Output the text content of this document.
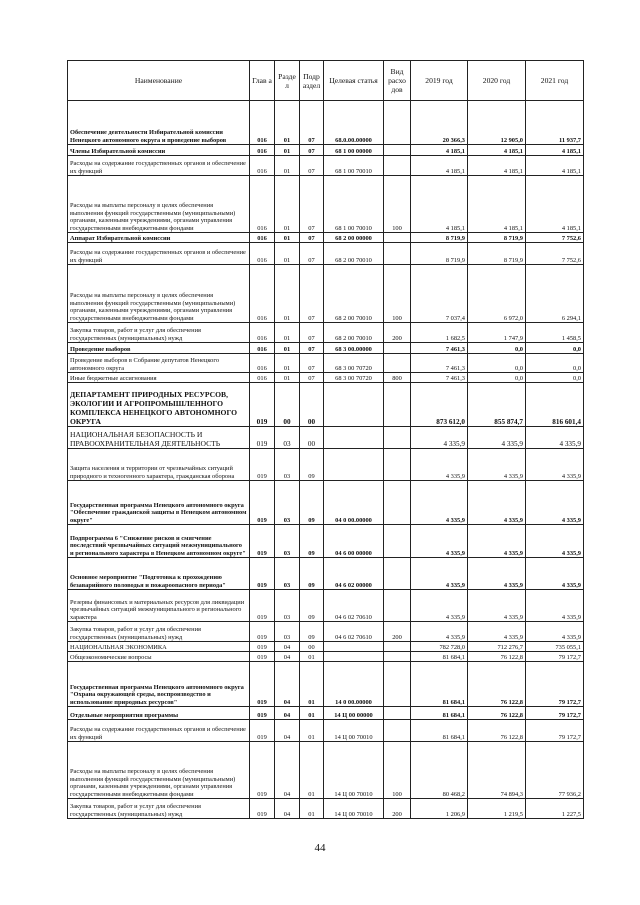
Наименование	Глав а	Разде л	Подр аздел	Целевая статья	Вид расхо дов	2019 год	2020 год	2021 год
Обеспечение деятельности Избирательной комиссии Ненецкого автономного округа и проведение выборов	016	01	07	68.0.00.00000		20 366,3	12 905,0	11 937,7
Члены Избирательной комиссии	016	01	07	68 1 00 00000		4 185,1	4 185,1	4 185,1
Расходы на содержание государственных органов и обеспечение их функций	016	01	07	68 1 00 70010		4 185,1	4 185,1	4 185,1
Расходы на выплаты персоналу в целях обеспечения выполнения функций государственными (муниципальными) органами, казенными учреждениями, органами управления государственными внебюджетными фондами	016	01	07	68 1 00 70010	100	4 185,1	4 185,1	4 185,1
Аппарат Избирательной комиссии	016	01	07	68 2 00 00000		8 719,9	8 719,9	7 752,6
Расходы на содержание государственных органов и обеспечение их функций	016	01	07	68 2 00 70010		8 719,9	8 719,9	7 752,6
Расходы на выплаты персоналу в целях обеспечения выполнения функций государственными (муниципальными) органами, казенными учреждениями, органами управления государственными внебюджетными фондами	016	01	07	68 2 00 70010	100	7 037,4	6 972,0	6 294,1
Закупка товаров, работ и услуг для обеспечения государственных (муниципальных) нужд	016	01	07	68 2 00 70010	200	1 682,5	1 747,9	1 458,5
Проведение выборов	016	01	07	68 3 00.00000		7 461,3	0,0	0,0
Проведение выборов в Собрание депутатов Ненецкого автономного округа	016	01	07	68 3 00 70720		7 461,3	0,0	0,0
Иные бюджетные ассигнования	016	01	07	68 3 00 70720	800	7 461,3	0,0	0,0
ДЕПАРТАМЕНТ ПРИРОДНЫХ РЕСУРСОВ, ЭКОЛОГИИ И АГРОПРОМЫШЛЕННОГО КОМПЛЕКСА НЕНЕЦКОГО АВТОНОМНОГО ОКРУГА	019	00	00			873 612,0	855 874,7	816 601,4
НАЦИОНАЛЬНАЯ БЕЗОПАСНОСТЬ И ПРАВООХРАНИТЕЛЬНАЯ ДЕЯТЕЛЬНОСТЬ	019	03	00			4 335,9	4 335,9	4 335,9
Защита населения и территории от чрезвычайных ситуаций природного и техногенного характера, гражданская оборона	019	03	09			4 335,9	4 335,9	4 335,9
Государственная программа Ненецкого автономного округа "Обеспечение гражданской защиты в Ненецком автономном округе"	019	03	09	04 0 00.00000		4 335,9	4 335,9	4 335,9
Подпрограмма 6 "Снижение рисков и смягчение последствий чрезвычайных ситуаций межмуниципального и регионального характера в Ненецком автономном округе"	019	03	09	04 6 00 00000		4 335,9	4 335,9	4 335,9
Основное мероприятие "Подготовка к прохождению безаварийного половодья и пожароопасного периода"	019	03	09	04 6 02 00000		4 335,9	4 335,9	4 335,9
Резервы финансовых и материальных ресурсов для ликвидации чрезвычайных ситуаций межмуниципального и регионального характера	019	03	09	04 6 02 70610		4 335,9	4 335,9	4 335,9
Закупка товаров, работ и услуг для обеспечения государственных (муниципальных) нужд	019	03	09	04 6 02 70610	200	4 335,9	4 335,9	4 335,9
НАЦИОНАЛЬНАЯ ЭКОНОМИКА	019	04	00			782 728,0	712 276,7	735 055,1
Общеэкономические вопросы	019	04	01			81 684,1	76 122,8	79 172,7
Государственная программа Ненецкого автономного округа "Охрана окружающей среды, воспроизводство и использование природных ресурсов"	019	04	01	14 0 00.00000		81 684,1	76 122,8	79 172,7
Отдельные мероприятия программы	019	04	01	14 Ц 00 00000		81 684,1	76 122,8	79 172,7
Расходы на содержание государственных органов и обеспечение их функций	019	04	01	14 Ц 00 70010		81 684,1	76 122,8	79 172,7
Расходы на выплаты персоналу в целях обеспечения выполнения функций государственными (муниципальными) органами, казенными учреждениями, органами управления государственными внебюджетными фондами	019	04	01	14 Ц 00 70010	100	80 468,2	74 894,3	77 936,2
Закупка товаров, работ и услуг для обеспечения государственных (муниципальных) нужд	019	04	01	14 Ц 00 70010	200	1 206,9	1 219,5	1 227,5
44
